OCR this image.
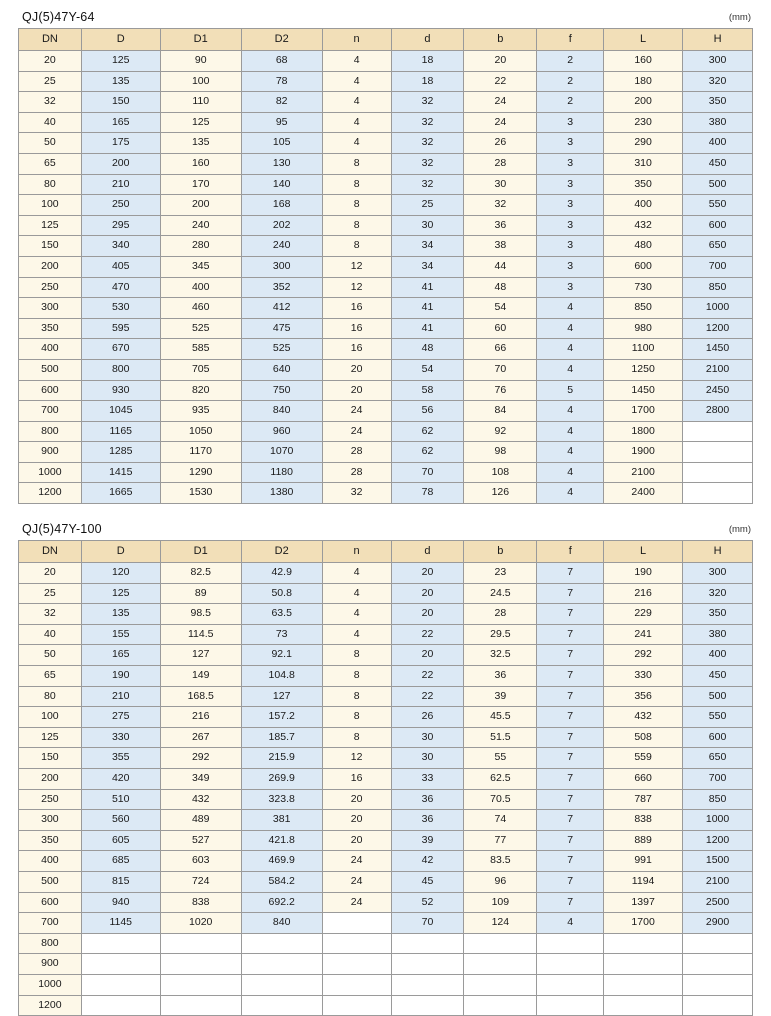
QJ(5)47Y-64	(mm)
DN	D	D1	D2	n	d	b	f	L	H
20	125	90	68	4	18	20	2	160	300
25	135	100	78	4	18	22	2	180	320
32	150	110	82	4	32	24	2	200	350
40	165	125	95	4	32	24	3	230	380
50	175	135	105	4	32	26	3	290	400
65	200	160	130	8	32	28	3	310	450
80	210	170	140	8	32	30	3	350	500
100	250	200	168	8	25	32	3	400	550
125	295	240	202	8	30	36	3	432	600
150	340	280	240	8	34	38	3	480	650
200	405	345	300	12	34	44	3	600	700
250	470	400	352	12	41	48	3	730	850
300	530	460	412	16	41	54	4	850	1000
350	595	525	475	16	41	60	4	980	1200
400	670	585	525	16	48	66	4	1100	1450
500	800	705	640	20	54	70	4	1250	2100
600	930	820	750	20	58	76	5	1450	2450
700	1045	935	840	24	56	84	4	1700	2800
800	1165	1050	960	24	62	92	4	1800	
900	1285	1170	1070	28	62	98	4	1900	
1000	1415	1290	1180	28	70	108	4	2100	
1200	1665	1530	1380	32	78	126	4	2400	
QJ(5)47Y-100	(mm)
DN	D	D1	D2	n	d	b	f	L	H
20	120	82.5	42.9	4	20	23	7	190	300
25	125	89	50.8	4	20	24.5	7	216	320
32	135	98.5	63.5	4	20	28	7	229	350
40	155	114.5	73	4	22	29.5	7	241	380
50	165	127	92.1	8	20	32.5	7	292	400
65	190	149	104.8	8	22	36	7	330	450
80	210	168.5	127	8	22	39	7	356	500
100	275	216	157.2	8	26	45.5	7	432	550
125	330	267	185.7	8	30	51.5	7	508	600
150	355	292	215.9	12	30	55	7	559	650
200	420	349	269.9	16	33	62.5	7	660	700
250	510	432	323.8	20	36	70.5	7	787	850
300	560	489	381	20	36	74	7	838	1000
350	605	527	421.8	20	39	77	7	889	1200
400	685	603	469.9	24	42	83.5	7	991	1500
500	815	724	584.2	24	45	96	7	1194	2100
600	940	838	692.2	24	52	109	7	1397	2500
700	1145	1020	840		70	124	4	1700	2900
800									
900									
1000									
1200									
